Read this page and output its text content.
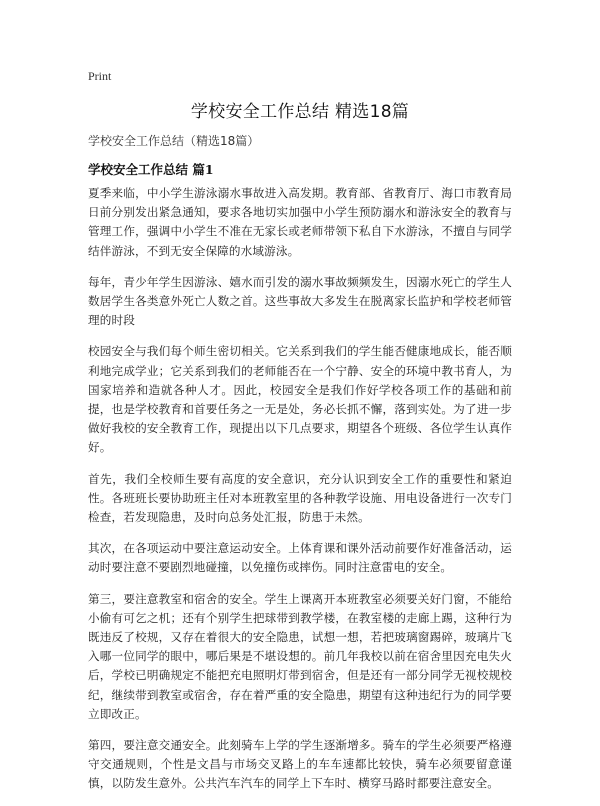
Print
学校安全工作总结 精选18篇
学校安全工作总结（精选18篇）
学校安全工作总结 篇1

夏季来临，中小学生游泳溺水事故进入高发期。教育部、省教育厅、海口市教育局日前分别发出紧急通知，要求各地切实加强中小学生预防溺水和游泳安全的教育与管理工作，强调中小学生不准在无家长或老师带领下私自下水游泳，不擅自与同学结伴游泳，不到无安全保障的水域游泳。

每年，青少年学生因游泳、嬉水而引发的溺水事故频频发生，因溺水死亡的学生人数居学生各类意外死亡人数之首。这些事故大多发生在脱离家长监护和学校老师管理的时段

校园安全与我们每个师生密切相关。它关系到我们的学生能否健康地成长，能否顺利地完成学业；它关系到我们的老师能否在一个宁静、安全的环境中教书育人，为国家培养和造就各种人才。因此，校园安全是我们作好学校各项工作的基础和前提，也是学校教育和首要任务之一无是处，务必长抓不懈，落到实处。为了进一步做好我校的安全教育工作，现提出以下几点要求，期望各个班级、各位学生认真作好。

首先，我们全校师生要有高度的安全意识，充分认识到安全工作的重要性和紧迫性。各班班长要协助班主任对本班教室里的各种教学设施、用电设备进行一次专门检查，若发现隐患，及时向总务处汇报，防患于未然。

其次，在各项运动中要注意运动安全。上体育课和课外活动前要作好准备活动，运动时要注意不要剧烈地碰撞，以免撞伤或摔伤。同时注意雷电的安全。

第三，要注意教室和宿舍的安全。学生上课离开本班教室必须要关好门窗，不能给小偷有可乞之机；还有个别学生把球带到教学楼，在教室楼的走廊上踢，这种行为既违反了校规，又存在着很大的安全隐患，试想一想，若把玻璃窗踢碎，玻璃片飞入哪一位同学的眼中，哪后果是不堪设想的。前几年我校以前在宿舍里因充电失火后，学校已明确规定不能把充电照明灯带到宿舍，但是还有一部分同学无视校规校纪，继续带到教室或宿舍，存在着严重的安全隐患，期望有这种违纪行为的同学要立即改正。

第四，要注意交通安全。此刻骑车上学的学生逐渐增多。骑车的学生必须要严格遵守交通规则，个性是文昌与市场交叉路上的车车速都比较快，骑车必须要留意谨慎，以防发生意外。公共汽车汽车的同学上下车时、横穿马路时都要注意安全。
